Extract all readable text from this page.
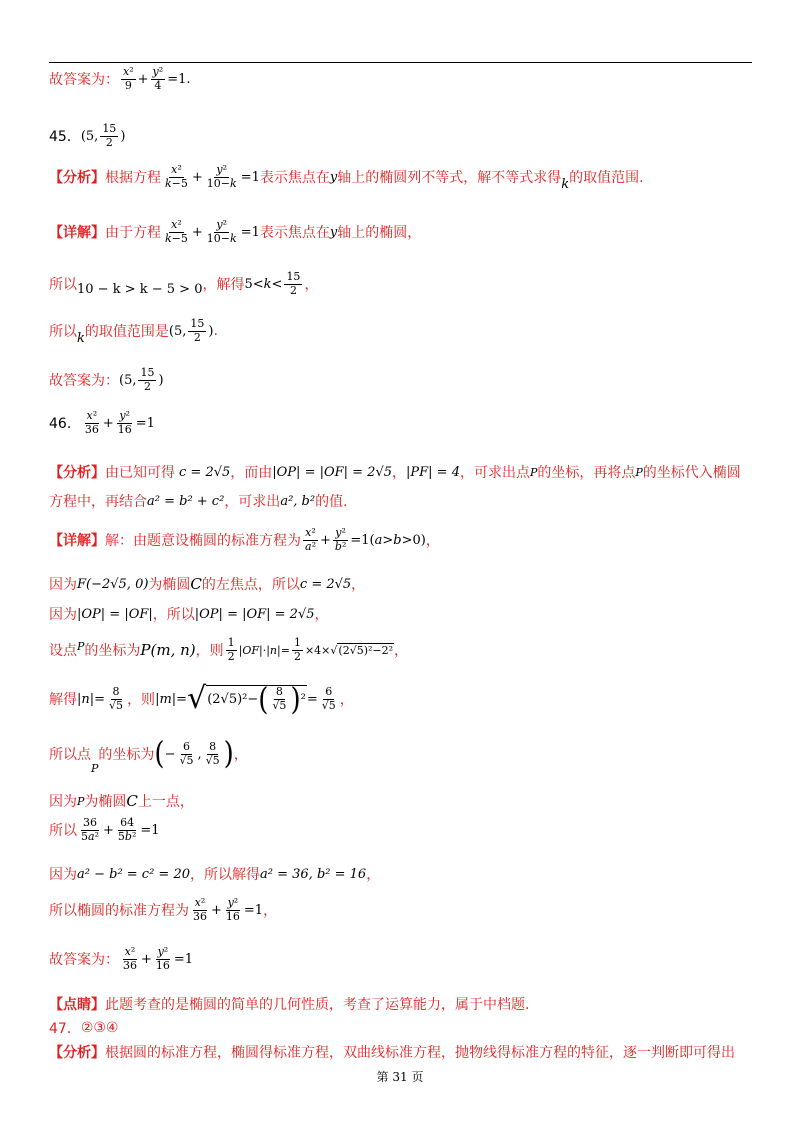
故答案为： $\frac{\text{x²}}{9} + \frac{\text{y²}}{4} =1$.
45． (5, $\frac{15}{2}$ )
【分析】 根据方程 $\frac{\text{x²}}{k-5} + \frac{\text{y²}}{10-k} =1$ 表示焦点在 y 轴上的椭圆列不等式，解不等式求得 k 的取值范围.
【详解】 由于方程 $\frac{\text{x²}}{k-5} + \frac{\text{y²}}{10-k} =1$ 表示焦点在 y 轴上的椭圆，
所以 10 − k > k − 5 > 0 ，解得 $5< k < \frac{15}{2}$ ，
所以 k 的取值范围是 (5, $\frac{15}{2}$ ) .
故答案为： (5, $\frac{15}{2}$ )
46． $\frac{\text{x²}}{36} + \frac{\text{y²}}{16} =1$
【分析】 由已知可得 c = 2√5 ，而由 |OP| = |OF| = 2√5 ， |PF| = 4 ，可求出点 P 的坐标，再将点 P 的坐标代入椭圆
方程中，再结合 a² = b² + c² ，可求出 a², b² 的值.
【详解】 解：由题意设椭圆的标准方程为 $\frac{\text{x²}}{\text{a²}} + \frac{\text{y²}}{\text{b²}} =1$( a > b >0) ，
因为 F(−2√5, 0) 为椭圆 C 的左焦点，所以 c = 2√5 ，
因为 |OP| = |OF| ，所以 |OP| = |OF| = 2√5 ，
设点 P 的坐标为 P(m, n) ，则 $\frac{1}{2}$ | OF |·| n |= $\frac{1}{2} \times 4\times√$ (2√5)²−2² ，
解得 | n |= $\frac{8}{√5}$ ，则 | m |= √ (2√5)²− ( $\frac{8}{√5}$ ) $^2 = \frac{6}{√5}$ ，
所以点
P
的坐标为 ( − $\frac{6}{√5}$ , $\frac{8}{√5}$ ) ，
因为 P 为椭圆 C 上一点，
所以 $\frac{36}{\text{5a²}} + \frac{64}{\text{5b²}} =1$
因为 a² − b² = c² = 20 ，所以解得 a² = 36, b² = 16 ，
所以椭圆的标准方程为 $\frac{\text{x²}}{36} + \frac{\text{y²}}{16} =1$ ，
故答案为： $\frac{\text{x²}}{36} + \frac{\text{y²}}{16} =1$
【点睛】 此题考查的是椭圆的简单的几何性质，考查了运算能力，属于中档题.
47． ②③④
【分析】 根据圆的标准方程，椭圆得标准方程，双曲线标准方程，抛物线得标准方程的特征，逐一判断即可得出
第 31 页
